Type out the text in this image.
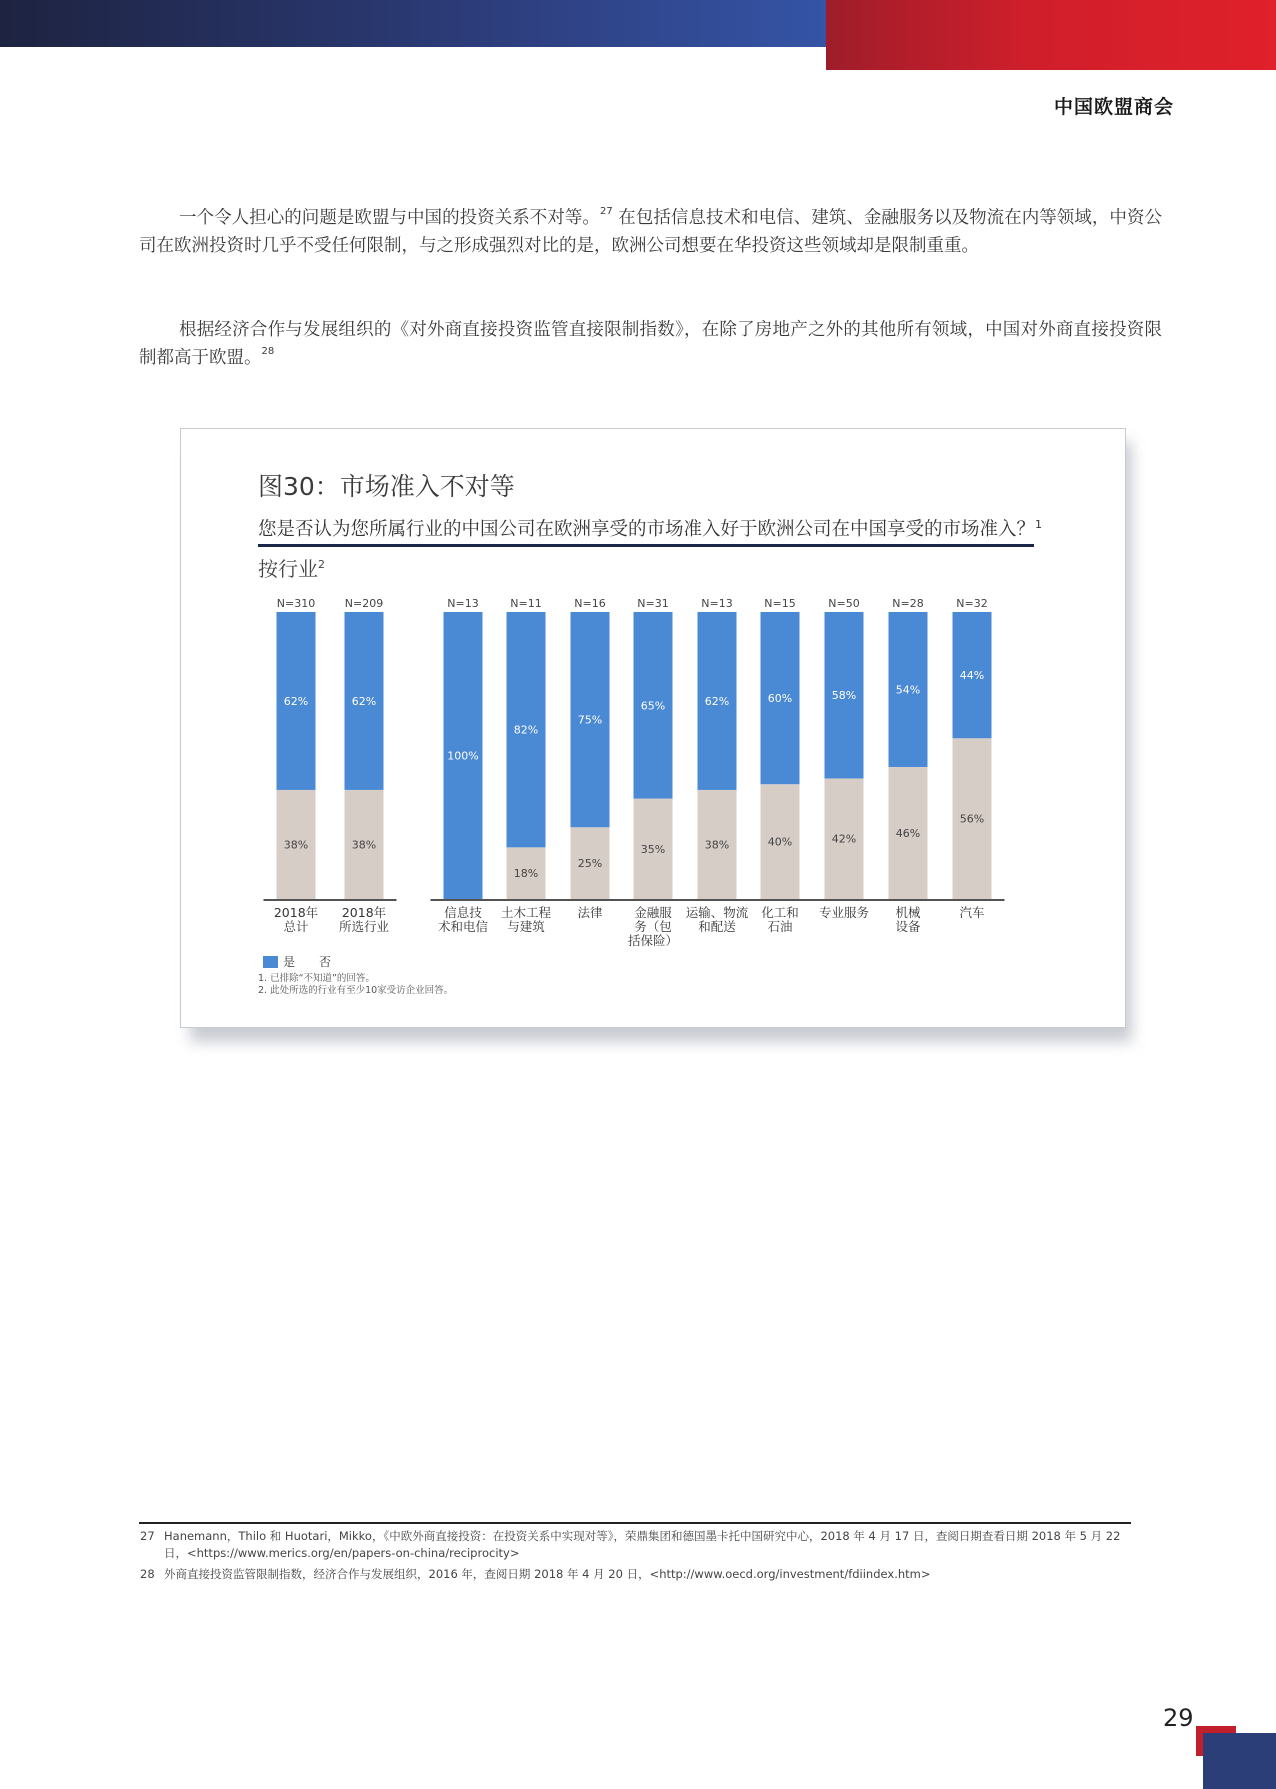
中国欧盟商会

一个令人担心的问题是欧盟与中国的投资关系不对等。$^{27}$ 在包括信息技术和电信、建筑、金融服务以及物流在内等领域，中资公司在欧洲投资时几乎不受任何限制，与之形成强烈对比的是，欧洲公司想要在华投资这些领域却是限制重重。

根据经济合作与发展组织的《对外商直接投资监管直接限制指数》，在除了房地产之外的其他所有领域，中国对外商直接投资限制都高于欧盟。$^{28}$

图30：市场准入不对等
您是否认为您所属行业的中国公司在欧洲享受的市场准入好于欧洲公司在中国享受的市场准入？$^1$
按行业$^2$
62%
38%
N=310
2018年
总计
62%
38%
N=209
2018年
所选行业
100%
N=13
信息技
术和电信
82%
18%
N=11
土木工程
与建筑
75%
25%
N=16
法律
65%
35%
N=31
金融服
务（包
括保险）
62%
38%
N=13
运输、物流
和配送
60%
40%
N=15
化工和
石油
58%
42%
N=50
专业服务
54%
46%
N=28
机械
设备
44%
56%
N=32
汽车
是 否
1. 已排除“不知道”的回答。
2. 此处所选的行业有至少10家受访企业回答。
27 Hanemann，Thilo 和 Huotari，Mikko，《中欧外商直接投资：在投资关系中实现对等》，荣鼎集团和德国墨卡托中国研究中心，2018 年 4 月 17 日，查阅日期查看日期 2018 年 5 月 22 日，<https://www.merics.org/en/papers-on-china/reciprocity>
28 外商直接投资监管限制指数，经济合作与发展组织，2016 年，查阅日期 2018 年 4 月 20 日，<http://www.oecd.org/investment/fdiindex.htm>
29
